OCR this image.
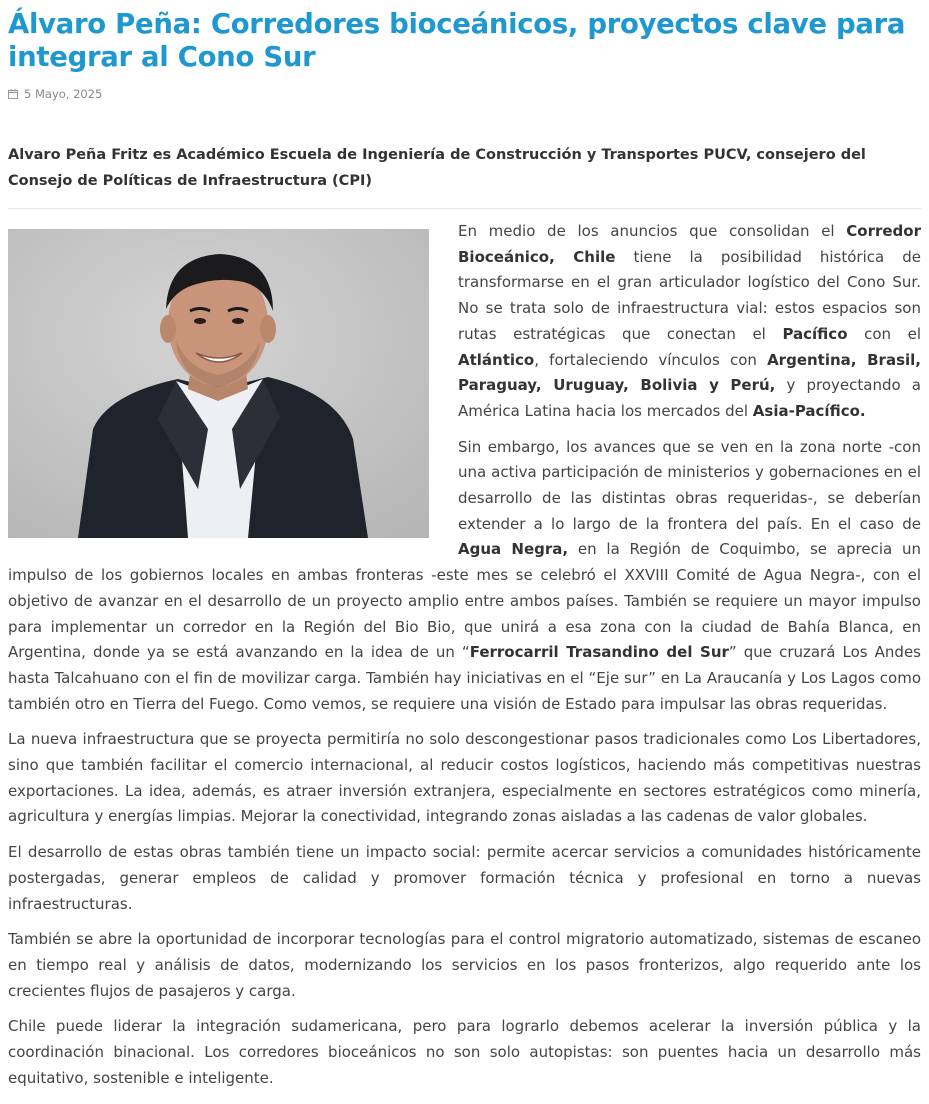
Álvaro Peña: Corredores bioceánicos, proyectos clave para integrar al Cono Sur
5 Mayo, 2025
Alvaro Peña Fritz es Académico Escuela de Ingeniería de Construcción y Transportes PUCV, consejero del Consejo de Políticas de Infraestructura (CPI)

En medio de los anuncios que consolidan el Corredor Bioceánico, Chile tiene la posibilidad histórica de transformarse en el gran articulador logístico del Cono Sur. No se trata solo de infraestructura vial: estos espacios son rutas estratégicas que conectan el Pacífico con el Atlántico, fortaleciendo vínculos con Argentina, Brasil, Paraguay, Uruguay, Bolivia y Perú, y proyectando a América Latina hacia los mercados del Asia-Pacífico.

Sin embargo, los avances que se ven en la zona norte -con una activa participación de ministerios y gobernaciones en el desarrollo de las distintas obras requeridas-, se deberían extender a lo largo de la frontera del país. En el caso de Agua Negra, en la Región de Coquimbo, se aprecia un impulso de los gobiernos locales en ambas fronteras -este mes se celebró el XXVIII Comité de Agua Negra-, con el objetivo de avanzar en el desarrollo de un proyecto amplio entre ambos países. También se requiere un mayor impulso para implementar un corredor en la Región del Bio Bio, que unirá a esa zona con la ciudad de Bahía Blanca, en Argentina, donde ya se está avanzando en la idea de un “Ferrocarril Trasandino del Sur” que cruzará Los Andes hasta Talcahuano con el fin de movilizar carga. También hay iniciativas en el “Eje sur” en La Araucanía y Los Lagos como también otro en Tierra del Fuego. Como vemos, se requiere una visión de Estado para impulsar las obras requeridas.

La nueva infraestructura que se proyecta permitiría no solo descongestionar pasos tradicionales como Los Libertadores, sino que también facilitar el comercio internacional, al reducir costos logísticos, haciendo más competitivas nuestras exportaciones. La idea, además, es atraer inversión extranjera, especialmente en sectores estratégicos como minería, agricultura y energías limpias. Mejorar la conectividad, integrando zonas aisladas a las cadenas de valor globales.

El desarrollo de estas obras también tiene un impacto social: permite acercar servicios a comunidades históricamente postergadas, generar empleos de calidad y promover formación técnica y profesional en torno a nuevas infraestructuras.

También se abre la oportunidad de incorporar tecnologías para el control migratorio automatizado, sistemas de escaneo en tiempo real y análisis de datos, modernizando los servicios en los pasos fronterizos, algo requerido ante los crecientes flujos de pasajeros y carga.

Chile puede liderar la integración sudamericana, pero para lograrlo debemos acelerar la inversión pública y la coordinación binacional. Los corredores bioceánicos no son solo autopistas: son puentes hacia un desarrollo más equitativo, sostenible e inteligente.
